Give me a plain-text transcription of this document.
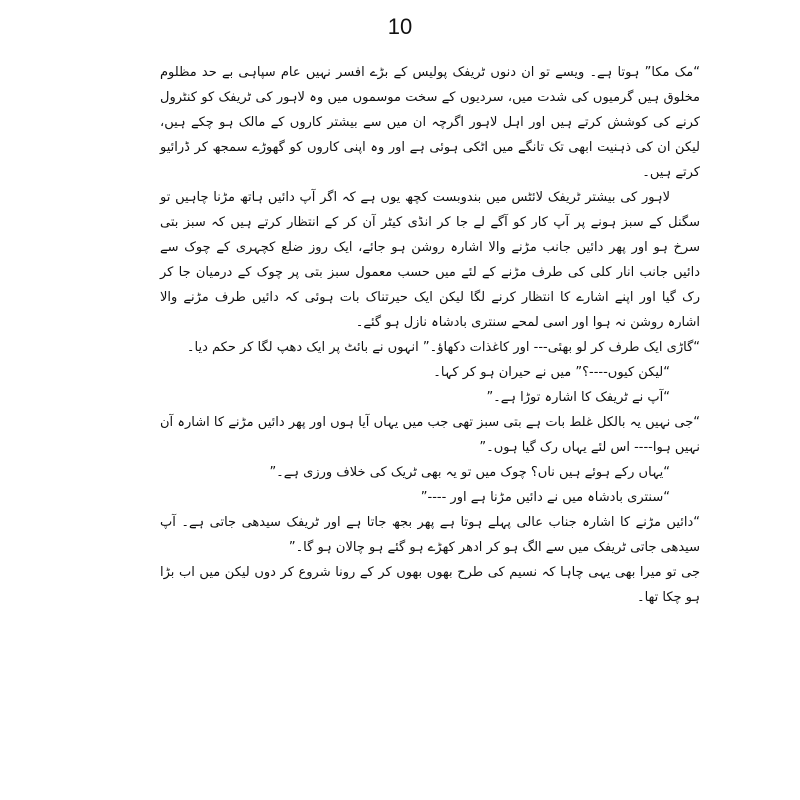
10

“مک مکا” ہوتا ہے۔ ویسے تو ان دنوں ٹریفک پولیس کے بڑے افسر نہیں عام سپاہی بے حد مظلوم مخلوق ہیں گرمیوں کی شدت میں، سردیوں کے سخت موسموں میں وہ لاہور کی ٹریفک کو کنٹرول کرنے کی کوشش کرتے ہیں اور اہل لاہور اگرچہ ان میں سے بیشتر کاروں کے مالک ہو چکے ہیں، لیکن ان کی ذہنیت ابھی تک تانگے میں اٹکی ہوئی ہے اور وہ اپنی کاروں کو گھوڑے سمجھ کر ڈرائیو کرتے ہیں۔

لاہور کی بیشتر ٹریفک لائٹس میں بندوبست کچھ یوں ہے کہ اگر آپ دائیں ہاتھ مڑنا چاہیں تو سگنل کے سبز ہونے پر آپ کار کو آگے لے جا کر انڈی کیٹر آن کر کے انتظار کرتے ہیں کہ سبز بتی سرخ ہو اور پھر دائیں جانب مڑنے والا اشارہ روشن ہو جائے، ایک روز ضلع کچہری کے چوک سے دائیں جانب انار کلی کی طرف مڑنے کے لئے میں حسب معمول سبز بتی پر چوک کے درمیان جا کر رک گیا اور اپنے اشارے کا انتظار کرنے لگا لیکن ایک حیرتناک بات ہوئی کہ دائیں طرف مڑنے والا اشارہ روشن نہ ہوا اور اسی لمحے سنتری بادشاہ نازل ہو گئے۔

“گاڑی ایک طرف کر لو بھئی--- اور کاغذات دکھاؤ۔” انہوں نے بائٹ پر ایک دھپ لگا کر حکم دیا۔

“لیکن کیوں----؟” میں نے حیران ہو کر کہا۔

“آپ نے ٹریفک کا اشارہ توڑا ہے۔”

“جی نہیں یہ بالکل غلط بات ہے بتی سبز تھی جب میں یہاں آیا ہوں اور پھر دائیں مڑنے کا اشارہ آن نہیں ہوا---- اس لئے یہاں رک گیا ہوں۔”

“یہاں رکے ہوئے ہیں ناں؟ چوک میں تو یہ بھی ٹریک کی خلاف ورزی ہے۔”

“سنتری بادشاہ میں نے دائیں مڑنا ہے اور ----”

“دائیں مڑنے کا اشارہ جناب عالی پہلے ہوتا ہے پھر بجھ جاتا ہے اور ٹریفک سیدھی جاتی ہے۔ آپ سیدھی جاتی ٹریفک میں سے الگ ہو کر ادھر کھڑے ہو گئے ہو چالان ہو گا۔”

جی تو میرا بھی یہی چاہا کہ نسیم کی طرح بھوں بھوں کر کے رونا شروع کر دوں لیکن میں اب بڑا ہو چکا تھا۔
